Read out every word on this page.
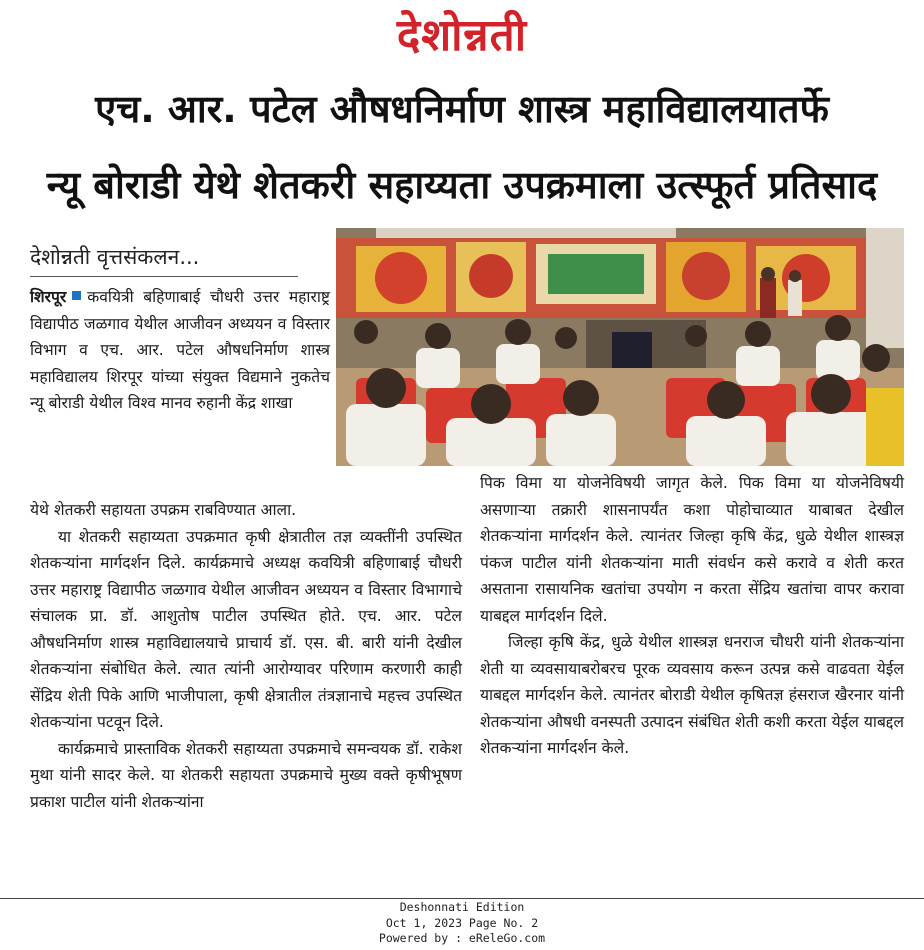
देशोन्नती
एच. आर. पटेल औषधनिर्माण शास्त्र महाविद्यालयातर्फे
न्यू बोराडी येथे शेतकरी सहाय्यता उपक्रमाला उत्स्फूर्त प्रतिसाद
देशोन्नती वृत्तसंकलन...

शिरपूर कवयित्री बहिणाबाई चौधरी उत्तर महाराष्ट्र विद्यापीठ जळगाव येथील आजीवन अध्ययन व विस्तार विभाग व एच. आर. पटेल औषधनिर्माण शास्त्र महाविद्यालय शिरपूर यांच्या संयुक्त विद्यमाने नुकतेच न्यू बोराडी येथील विश्व मानव रुहानी केंद्र शाखा

येथे शेतकरी सहायता उपक्रम राबविण्यात आला.

या शेतकरी सहाय्यता उपक्रमात कृषी क्षेत्रातील तज्ञ व्यक्तींनी उपस्थित शेतकऱ्यांना मार्गदर्शन दिले. कार्यक्रमाचे अध्यक्ष कवयित्री बहिणाबाई चौधरी उत्तर महाराष्ट्र विद्यापीठ जळगाव येथील आजीवन अध्ययन व विस्तार विभागाचे संचालक प्रा. डॉ. आशुतोष पाटील उपस्थित होते. एच. आर. पटेल औषधनिर्माण शास्त्र महाविद्यालयाचे प्राचार्य डॉ. एस. बी. बारी यांनी देखील शेतकऱ्यांना संबोधित केले. त्यात त्यांनी आरोग्यावर परिणाम करणारी काही सेंद्रिय शेती पिके आणि भाजीपाला, कृषी क्षेत्रातील तंत्रज्ञानाचे महत्त्व उपस्थित शेतकऱ्यांना पटवून दिले.

कार्यक्रमाचे प्रास्ताविक शेतकरी सहाय्यता उपक्रमाचे समन्वयक डॉ. राकेश मुथा यांनी सादर केले. या शेतकरी सहायता उपक्रमाचे मुख्य वक्ते कृषीभूषण प्रकाश पाटील यांनी शेतकऱ्यांना

पिक विमा या योजनेविषयी जागृत केले. पिक विमा या योजनेविषयी असणाऱ्या तक्रारी शासनापर्यंत कशा पोहोचाव्यात याबाबत देखील शेतकऱ्यांना मार्गदर्शन केले. त्यानंतर जिल्हा कृषि केंद्र, धुळे येथील शास्त्रज्ञ पंकज पाटील यांनी शेतकऱ्यांना माती संवर्धन कसे करावे व शेती करत असताना रासायनिक खतांचा उपयोग न करता सेंद्रिय खतांचा वापर करावा याबद्दल मार्गदर्शन दिले.

जिल्हा कृषि केंद्र, धुळे येथील शास्त्रज्ञ धनराज चौधरी यांनी शेतकऱ्यांना शेती या व्यवसायाबरोबरच पूरक व्यवसाय करून उत्पन्न कसे वाढवता येईल याबद्दल मार्गदर्शन केले. त्यानंतर बोराडी येथील कृषितज्ञ हंसराज खैरनार यांनी शेतकऱ्यांना औषधी वनस्पती उत्पादन संबंधित शेती कशी करता येईल याबद्दल शेतकऱ्यांना मार्गदर्शन केले.

Deshonnati Edition
Oct 1, 2023 Page No. 2
Powered by : eReleGo.com
